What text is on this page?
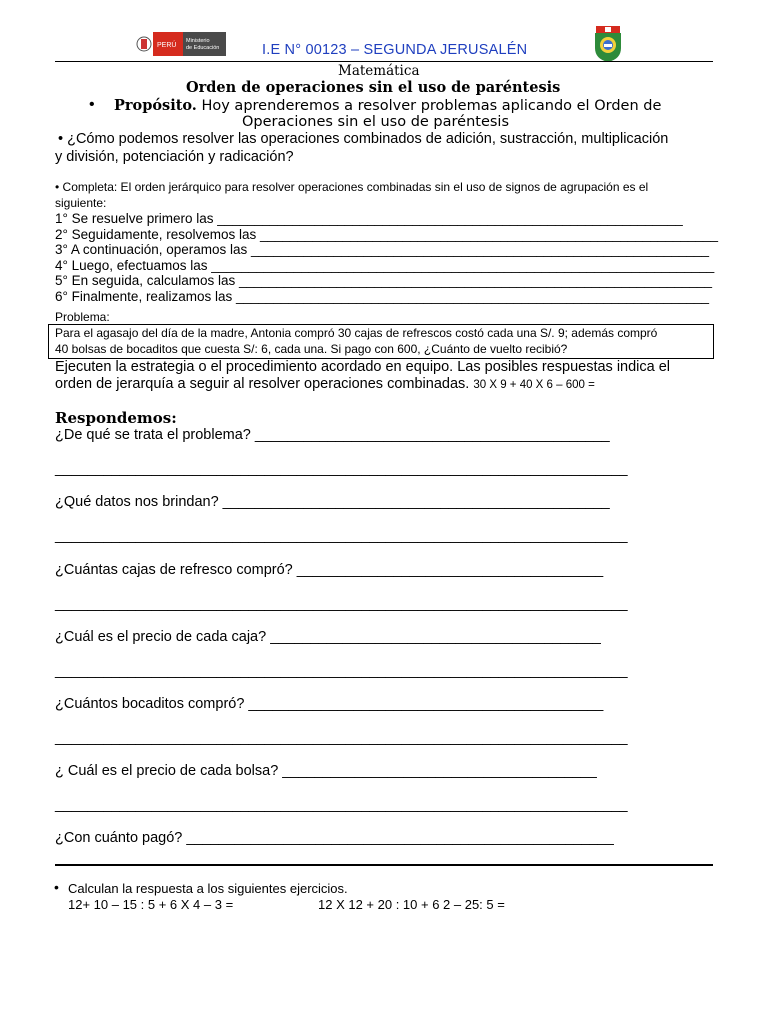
PERÚ
Ministerio
de Educación	I.E N° 00123 – SEGUNDA JERUSALÉN
Matemática
Orden de operaciones sin el uso de paréntesis
• Propósito. Hoy aprenderemos a resolver problemas aplicando el Orden de
Operaciones sin el uso de paréntesis
• ¿Cómo podemos resolver las operaciones combinados de adición, sustracción, multiplicación
y división, potenciación y radicación?
• Completa: El orden jerárquico para resolver operaciones combinadas sin el uso de signos de agrupación es el
siguiente:
1° Se resuelve primero las ______________________________________________________________
2° Seguidamente, resolvemos las _____________________________________________________________
3° A continuación, operamos las _____________________________________________________________
4° Luego, efectuamos las ___________________________________________________________________
5° En seguida, calculamos las _______________________________________________________________
6° Finalmente, realizamos las _______________________________________________________________
Problema:
Para el agasajo del día de la madre, Antonia compró 30 cajas de refrescos costó cada una S/. 9; además compró
40 bolsas de bocaditos que cuesta S/: 6, cada una. Si pago con 600, ¿Cuánto de vuelto recibió?
Ejecuten la estrategia o el procedimiento acordado en equipo. Las posibles respuestas indica el
orden de jerarquía a seguir al resolver operaciones combinadas. 30 X 9 + 40 X 6 – 600 =
Respondemos:
¿De qué se trata el problema? ____________________________________________
_______________________________________________________________________
¿Qué datos nos brindan? ________________________________________________
_______________________________________________________________________
¿Cuántas cajas de refresco compró? ______________________________________
_______________________________________________________________________
¿Cuál es el precio de cada caja? _________________________________________
_______________________________________________________________________
¿Cuántos bocaditos compró? ____________________________________________
_______________________________________________________________________
¿ Cuál es el precio de cada bolsa? _______________________________________
_______________________________________________________________________
¿Con cuánto pagó? _____________________________________________________
• Calculan la respuesta a los siguientes ejercicios.
12+ 10 – 15 : 5 + 6 X 4 – 3 =	12 X 12 + 20 : 10 + 6 2 – 25: 5 =
